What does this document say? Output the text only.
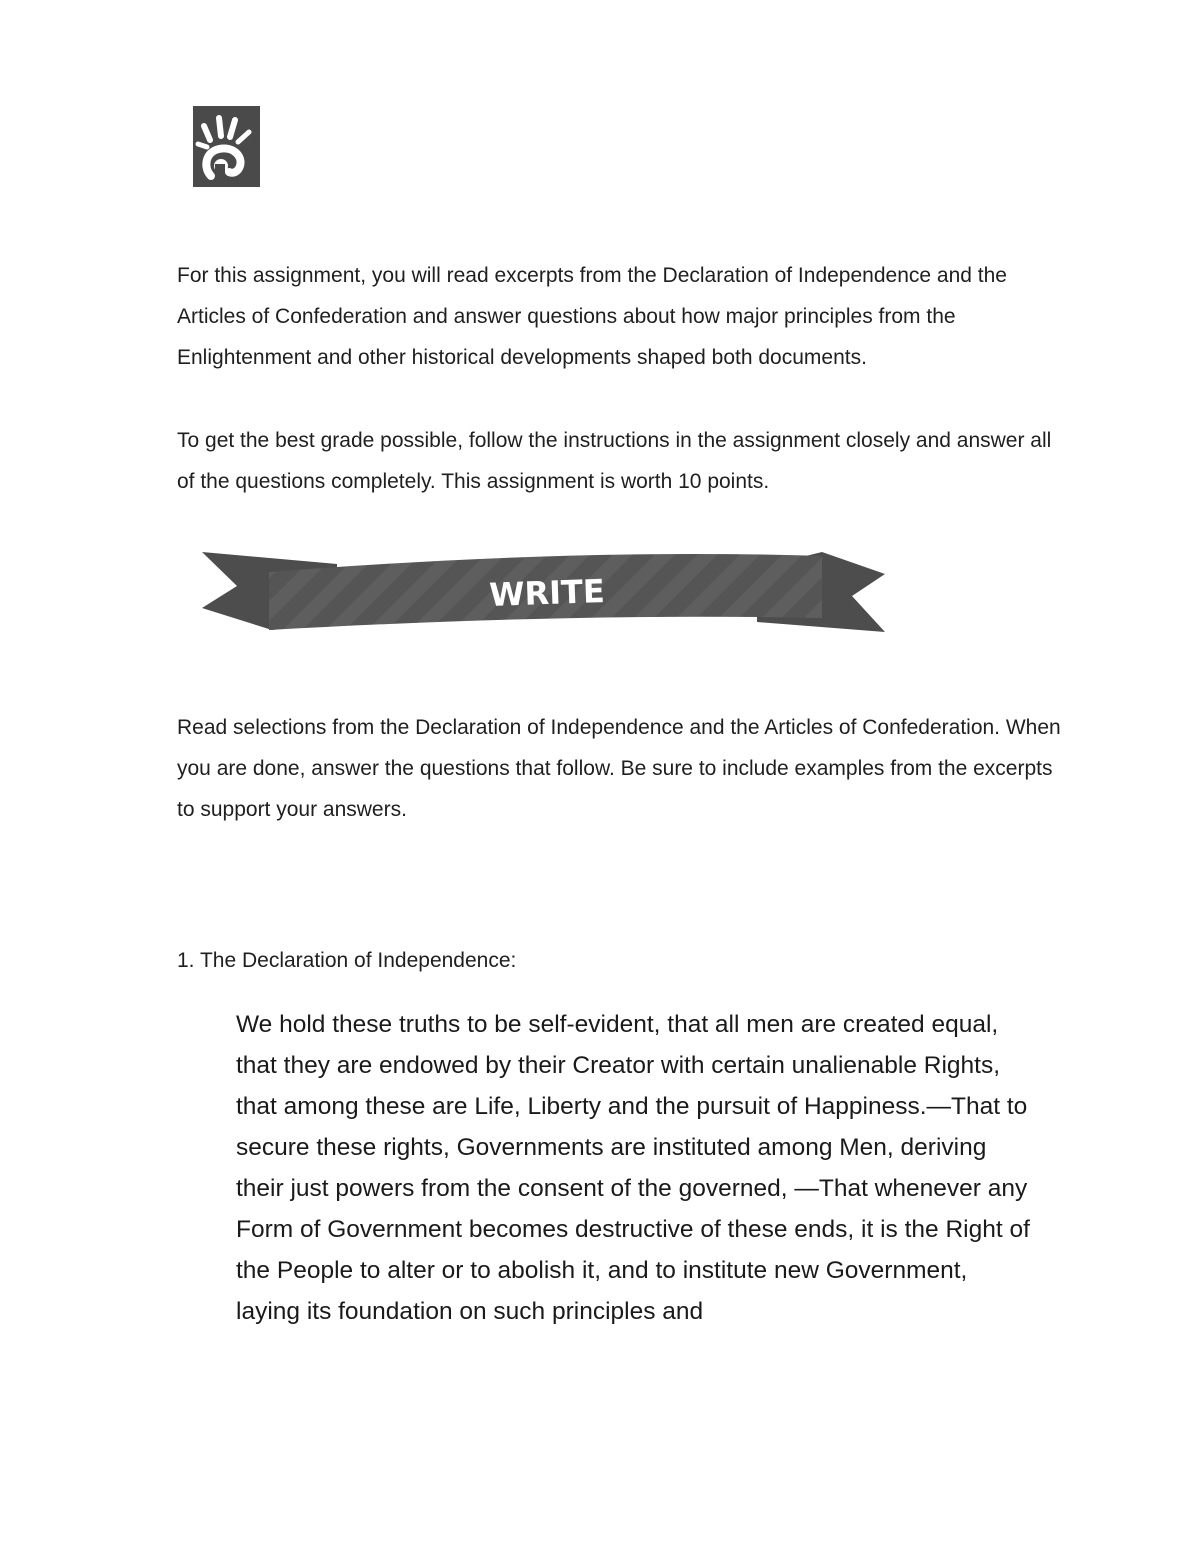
For this assignment, you will read excerpts from the Declaration of Independence and the Articles of Confederation and answer questions about how major principles from the Enlightenment and other historical developments shaped both documents.

To get the best grade possible, follow the instructions in the assignment closely and answer all of the questions completely. This assignment is worth 10 points.

WRITE

Read selections from the Declaration of Independence and the Articles of Confederation. When you are done, answer the questions that follow. Be sure to include examples from the excerpts to support your answers.

1. The Declaration of Independence:

We hold these truths to be self-evident, that all men are created equal, that they are endowed by their Creator with certain unalienable Rights, that among these are Life, Liberty and the pursuit of Happiness.—That to secure these rights, Governments are instituted among Men, deriving their just powers from the consent of the governed, —That whenever any Form of Government becomes destructive of these ends, it is the Right of the People to alter or to abolish it, and to institute new Government, laying its foundation on such principles and
